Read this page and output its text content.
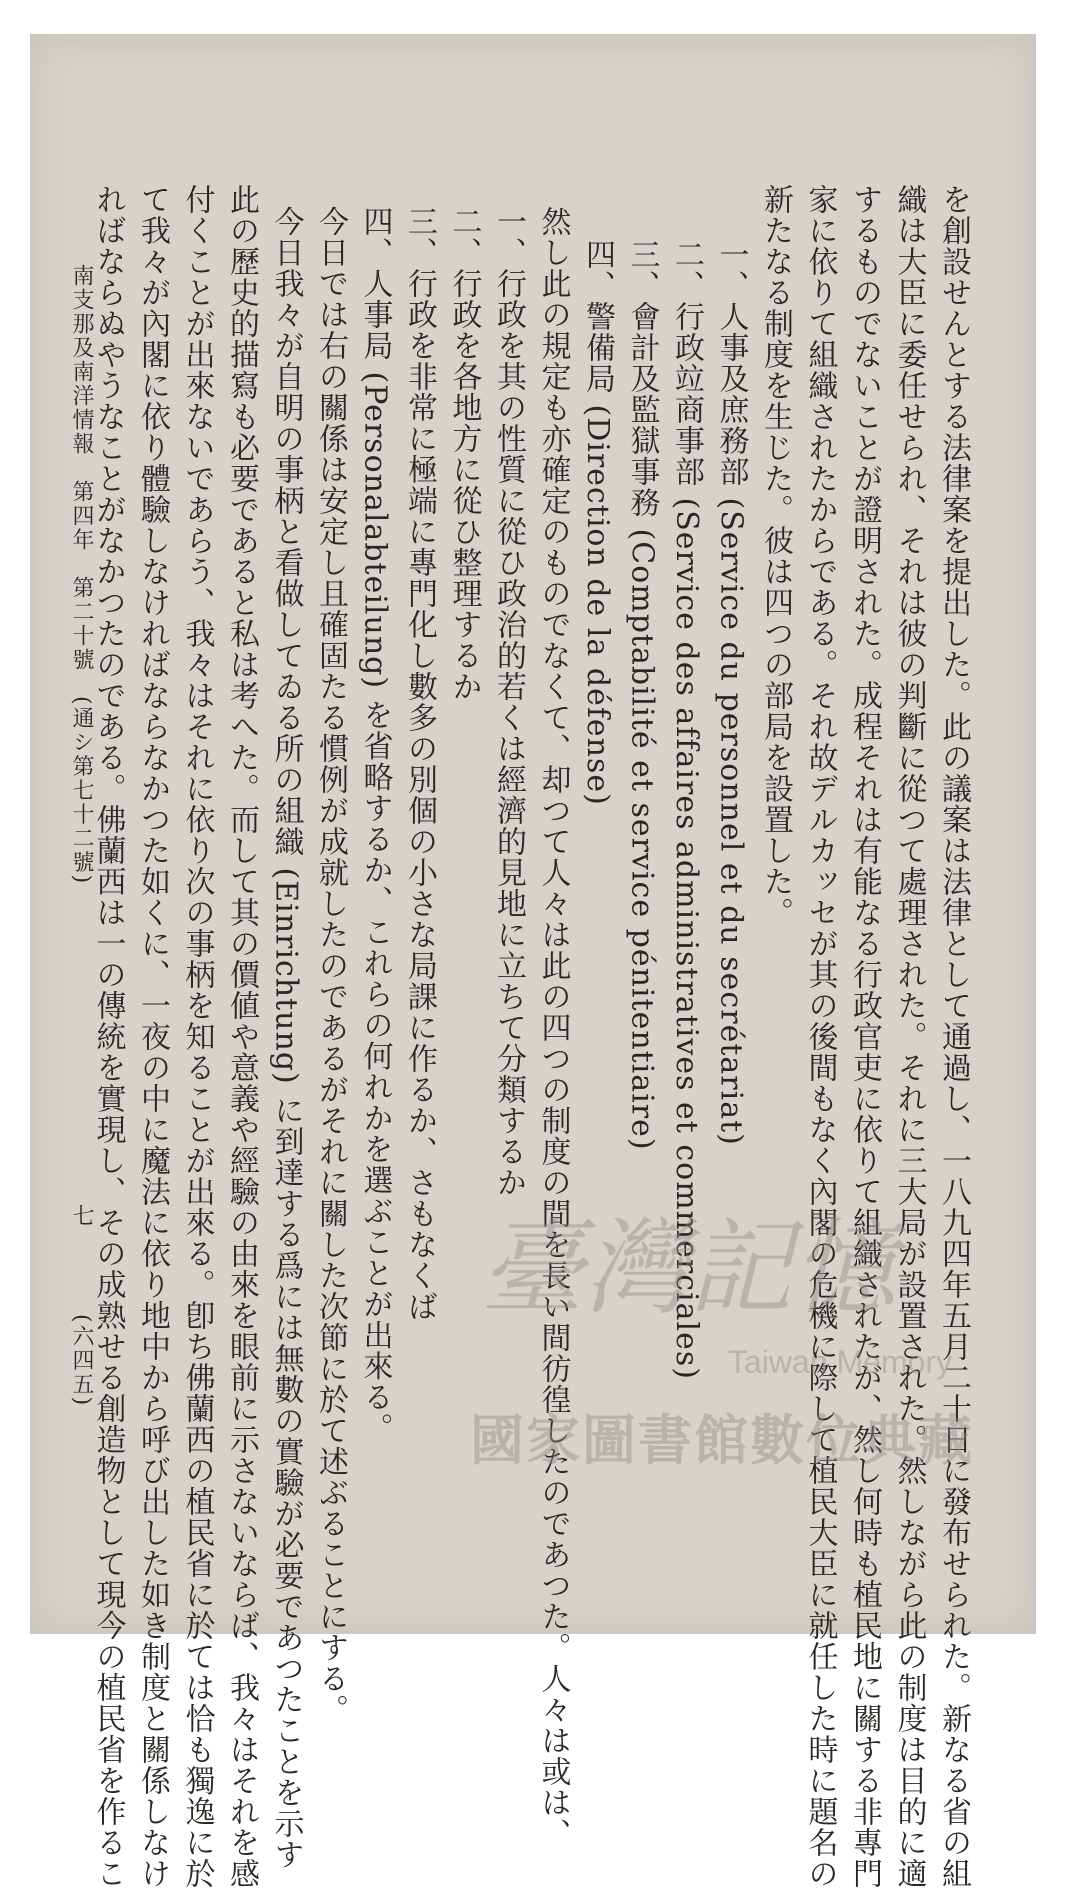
を創設せんとする法律案を提出した。此の議案は法律として通過し、一八九四年五月二十日に發布せられた。新なる省の組
織は大臣に委任せられ、それは彼の判斷に從つて處理された。それに三大局が設置された。然しながら此の制度は目的に適
するものでないことが證明された。成程それは有能なる行政官吏に依りて組織されたが、然し何時も植民地に關する非專門
家に依りて組織されたからである。それ故デルカッセが其の後間もなく內閣の危機に際して植民大臣に就任した時に題名の
新たなる制度を生じた。彼は四つの部局を設置した。
一、人事及庶務部 (Service du personnel et du secrétariat)
二、行政竝商事部 (Service des affaires administratives et commerciales)
三、會計及監獄事務 (Comptabilité et service pénitentiaire)
四、警備局 (Direction de la défense)
然し此の規定も亦確定のものでなくて、却つて人々は此の四つの制度の間を長い間彷徨したのであつた。人々は或は、
一、行政を其の性質に從ひ政治的若くは經濟的見地に立ちて分類するか
二、行政を各地方に從ひ整理するか
三、行政を非常に極端に專門化し數多の別個の小さな局課に作るか、さもなくば
四、人事局 (Personalabteilung) を省略するか、これらの何れかを選ぶことが出來る。
今日では右の關係は安定し且確固たる慣例が成就したのであるがそれに關した次節に於て述ぶることにする。
今日我々が自明の事柄と看做してゐる所の組織 (Einrichtung) に到達する爲には無數の實驗が必要であつたことを示す
此の歷史的描寫も必要であると私は考へた。而して其の價値や意義や經驗の由來を眼前に示さないならば、我々はそれを感
付くことが出來ないであらう、我々はそれに依り次の事柄を知ることが出來る。卽ち佛蘭西の植民省に於ては恰も獨逸に於
て我々が內閣に依り體驗しなければならなかつた如くに、一夜の中に魔法に依り地中から呼び出した如き制度と關係しなけ
ればならぬやうなことがなかつたのである。佛蘭西は一の傳統を實現し、その成熟せる創造物として現今の植民省を作るこ
南支那及南洋情報　第四年　第二十號　(通シ第七十二號)
七
(六四五)
臺灣記憶
Taiwan Memory
國家圖書館數位典藏
